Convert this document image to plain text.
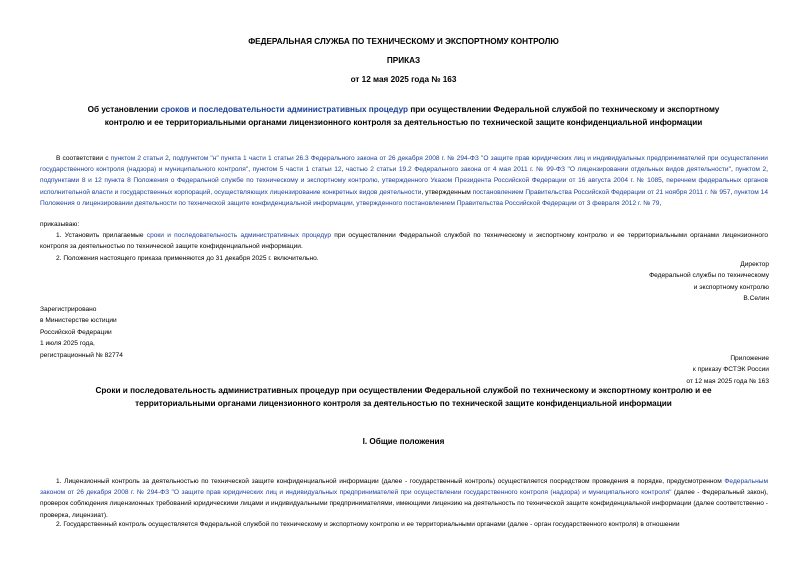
ФЕДЕРАЛЬНАЯ СЛУЖБА ПО ТЕХНИЧЕСКОМУ И ЭКСПОРТНОМУ КОНТРОЛЮ
ПРИКАЗ
от 12 мая 2025 года № 163
Об установлении сроков и последовательности административных процедур при осуществлении Федеральной службой по техническому и экспортному
контролю и ее территориальными органами лицензионного контроля за деятельностью по технической защите конфиденциальной информации
В соответствии с пунктом 2 статьи 2, подпунктом "н" пункта 1 части 1 статьи 26.3 Федерального закона от 26 декабря 2008 г. № 294-ФЗ "О защите прав юридических лиц и индивидуальных предпринимателей при осуществлении государственного контроля (надзора) и муниципального контроля", пунктом 5 части 1 статьи 12, частью 2 статьи 19.2 Федерального закона от 4 мая 2011 г. № 99-ФЗ "О лицензировании отдельных видов деятельности", пунктом 2, подпунктами 8 и 12 пункта 8 Положения о Федеральной службе по техническому и экспортному контролю, утвержденного Указом Президента Российской Федерации от 16 августа 2004 г. № 1085, перечнем федеральных органов исполнительной власти и государственных корпораций, осуществляющих лицензирование конкретных видов деятельности, утвержденным постановлением Правительства Российской Федерации от 21 ноября 2011 г. № 957, пунктом 14 Положения о лицензировании деятельности по технической защите конфиденциальной информации, утвержденного постановлением Правительства Российской Федерации от 3 февраля 2012 г. № 79,
приказываю:
1. Установить прилагаемые сроки и последовательность административных процедур при осуществлении Федеральной службой по техническому и экспортному контролю и ее территориальными органами лицензионного контроля за деятельностью по технической защите конфиденциальной информации.
2. Положения настоящего приказа применяются до 31 декабря 2025 г. включительно.
Директор
Федеральной службы по техническому
и экспортному контролю
В.Селин
Зарегистрировано
в Министерстве юстиции
Российской Федерации
1 июля 2025 года,
регистрационный № 82774	Приложение
к приказу ФСТЭК России
от 12 мая 2025 года № 163
Сроки и последовательность административных процедур при осуществлении Федеральной службой по техническому и экспортному контролю и ее
территориальными органами лицензионного контроля за деятельностью по технической защите конфиденциальной информации
I. Общие положения
1. Лицензионный контроль за деятельностью по технической защите конфиденциальной информации (далее - государственный контроль) осуществляется посредством проведения в порядке, предусмотренном Федеральным законом от 26 декабря 2008 г. № 294-ФЗ "О защите прав юридических лиц и индивидуальных предпринимателей при осуществлении государственного контроля (надзора) и муниципального контроля" (далее - Федеральный закон), проверок соблюдения лицензионных требований юридическими лицами и индивидуальными предпринимателями, имеющими лицензию на деятельность по технической защите конфиденциальной информации (далее соответственно - проверка, лицензиат).
2. Государственный контроль осуществляется Федеральной службой по техническому и экспортному контролю и ее территориальными органами (далее - орган государственного контроля) в отношении
